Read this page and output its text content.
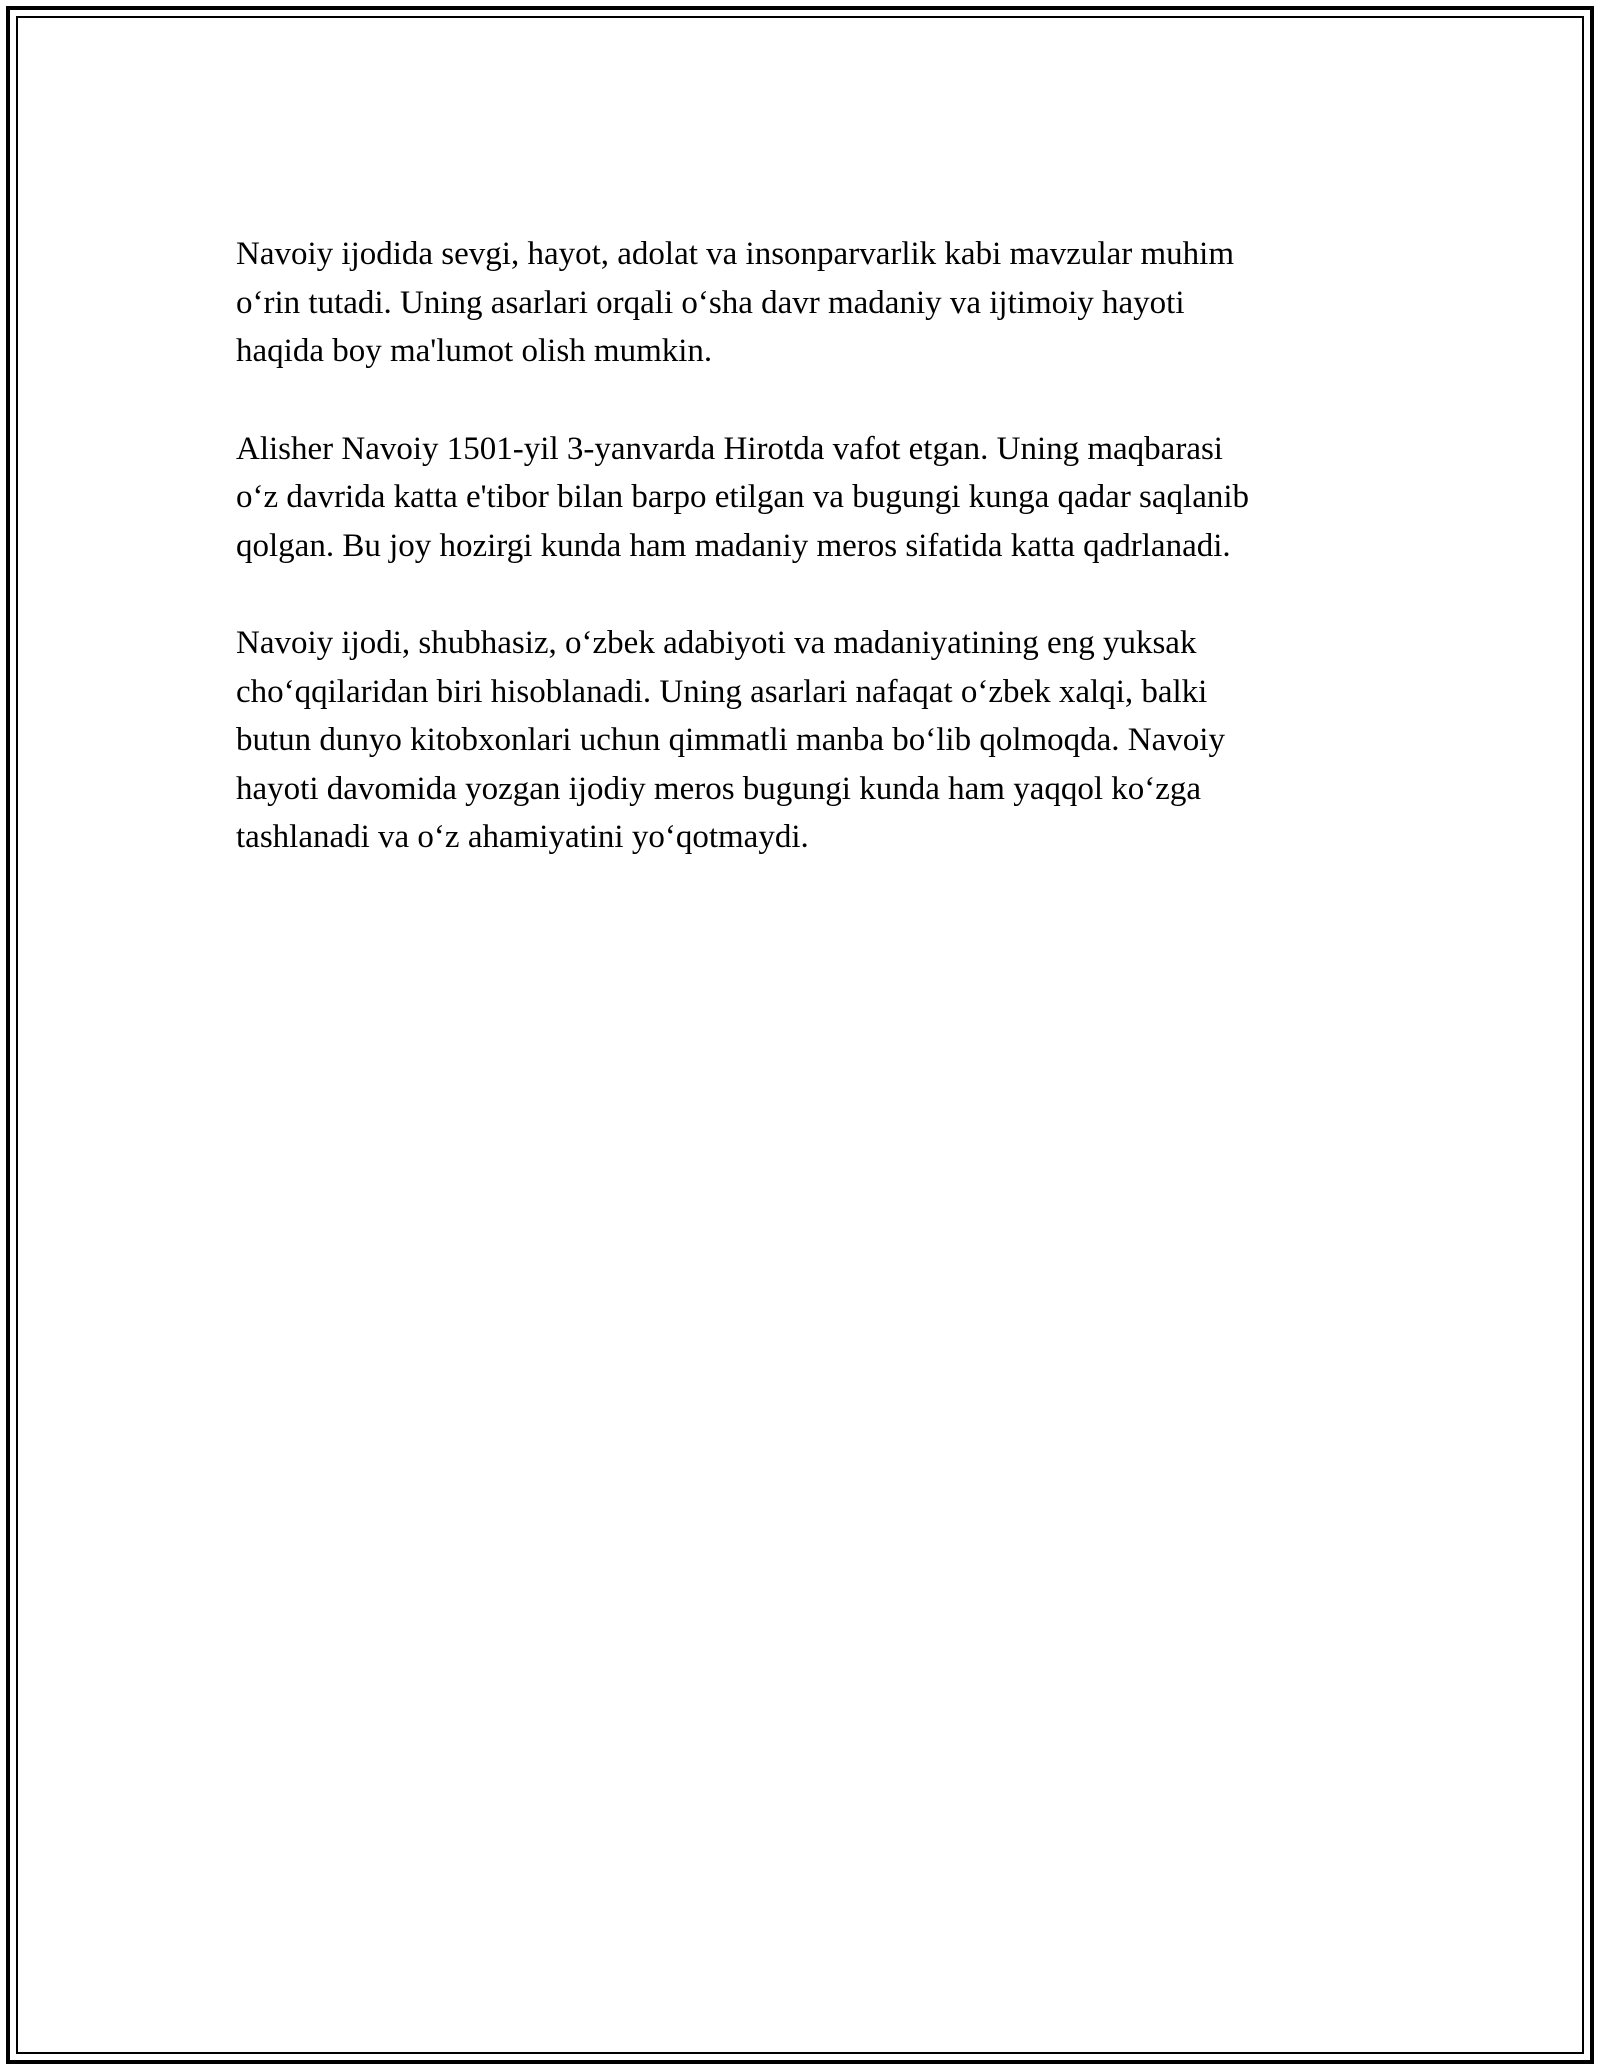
Navoiy ijodida sevgi, hayot, adolat va insonparvarlik kabi mavzular muhim
o‘rin tutadi. Uning asarlari orqali o‘sha davr madaniy va ijtimoiy hayoti
haqida boy ma'lumot olish mumkin.

Alisher Navoiy 1501-yil 3-yanvarda Hirotda vafot etgan. Uning maqbarasi
o‘z davrida katta e'tibor bilan barpo etilgan va bugungi kunga qadar saqlanib
qolgan. Bu joy hozirgi kunda ham madaniy meros sifatida katta qadrlanadi.

Navoiy ijodi, shubhasiz, o‘zbek adabiyoti va madaniyatining eng yuksak
cho‘qqilaridan biri hisoblanadi. Uning asarlari nafaqat o‘zbek xalqi, balki
butun dunyo kitobxonlari uchun qimmatli manba bo‘lib qolmoqda. Navoiy
hayoti davomida yozgan ijodiy meros bugungi kunda ham yaqqol ko‘zga
tashlanadi va o‘z ahamiyatini yo‘qotmaydi.
